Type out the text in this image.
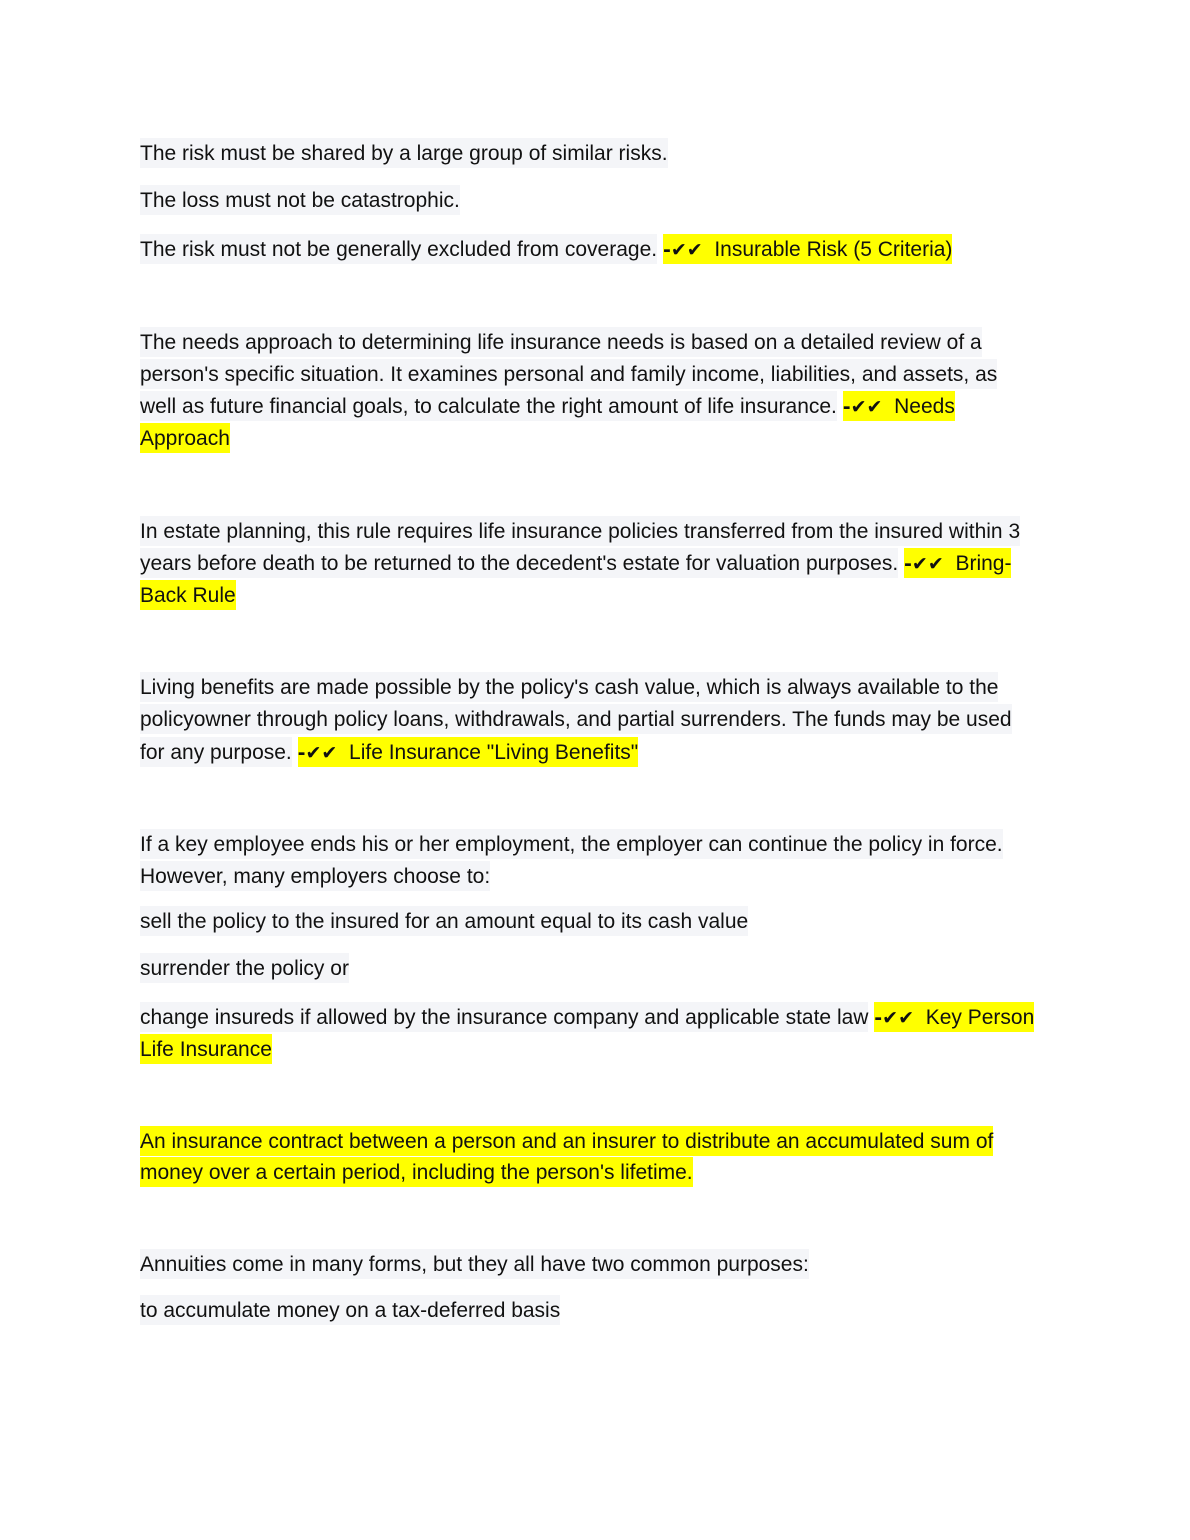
The risk must be shared by a large group of similar risks.
The loss must not be catastrophic.
The risk must not be generally excluded from coverage. -✔✔ Insurable Risk (5 Criteria)
The needs approach to determining life insurance needs is based on a detailed review of a
person's specific situation. It examines personal and family income, liabilities, and assets, as
well as future financial goals, to calculate the right amount of life insurance. -✔✔ Needs
Approach
In estate planning, this rule requires life insurance policies transferred from the insured within 3
years before death to be returned to the decedent's estate for valuation purposes. -✔✔ Bring-
Back Rule
Living benefits are made possible by the policy's cash value, which is always available to the
policyowner through policy loans, withdrawals, and partial surrenders. The funds may be used
for any purpose. -✔✔ Life Insurance "Living Benefits"
If a key employee ends his or her employment, the employer can continue the policy in force.
However, many employers choose to:
sell the policy to the insured for an amount equal to its cash value
surrender the policy or
change insureds if allowed by the insurance company and applicable state law -✔✔ Key Person
Life Insurance
An insurance contract between a person and an insurer to distribute an accumulated sum of
money over a certain period, including the person's lifetime.
Annuities come in many forms, but they all have two common purposes:
to accumulate money on a tax-deferred basis
